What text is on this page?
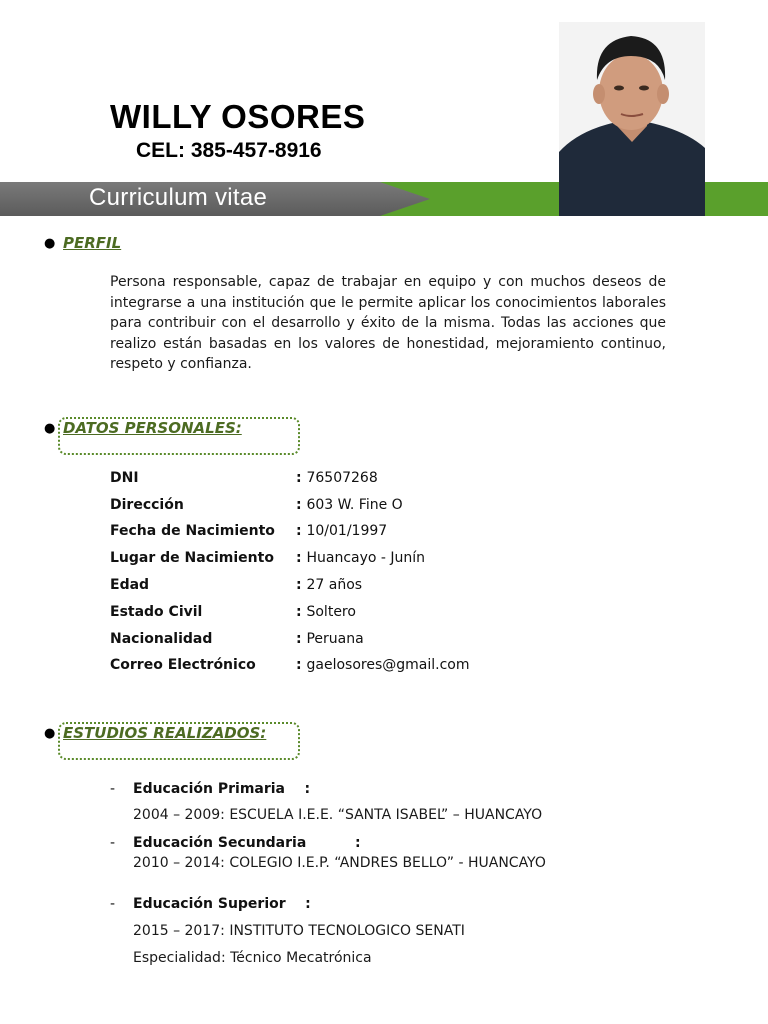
WILLY OSORES
CEL: 385-457-8916

Curriculum vitae

● PERFIL

Persona responsable, capaz de trabajar en equipo y con muchos deseos de integrarse a una institución que le permite aplicar los conocimientos laborales para contribuir con el desarrollo y éxito de la misma. Todas las acciones que realizo están basadas en los valores de honestidad, mejoramiento continuo, respeto y confianza.

● DATOS PERSONALES:
DNI	: 76507268
Dirección	: 603 W. Fine O
Fecha de Nacimiento : 10/01/1997
Lugar de Nacimiento : Huancayo - Junín
Edad	: 27 años
Estado Civil	: Soltero
Nacionalidad	: Peruana
Correo Electrónico	: gaelosores@gmail.com
● ESTUDIOS REALIZADOS:
- Educación Primaria    :
2004 – 2009: ESCUELA I.E.E. “SANTA ISABEL” – HUANCAYO
- Educación Secundaria          :
2010 – 2014: COLEGIO I.E.P. “ANDRES BELLO” - HUANCAYO
- Educación Superior    :
2015 – 2017: INSTITUTO TECNOLOGICO SENATI
Especialidad: Técnico Mecatrónica
